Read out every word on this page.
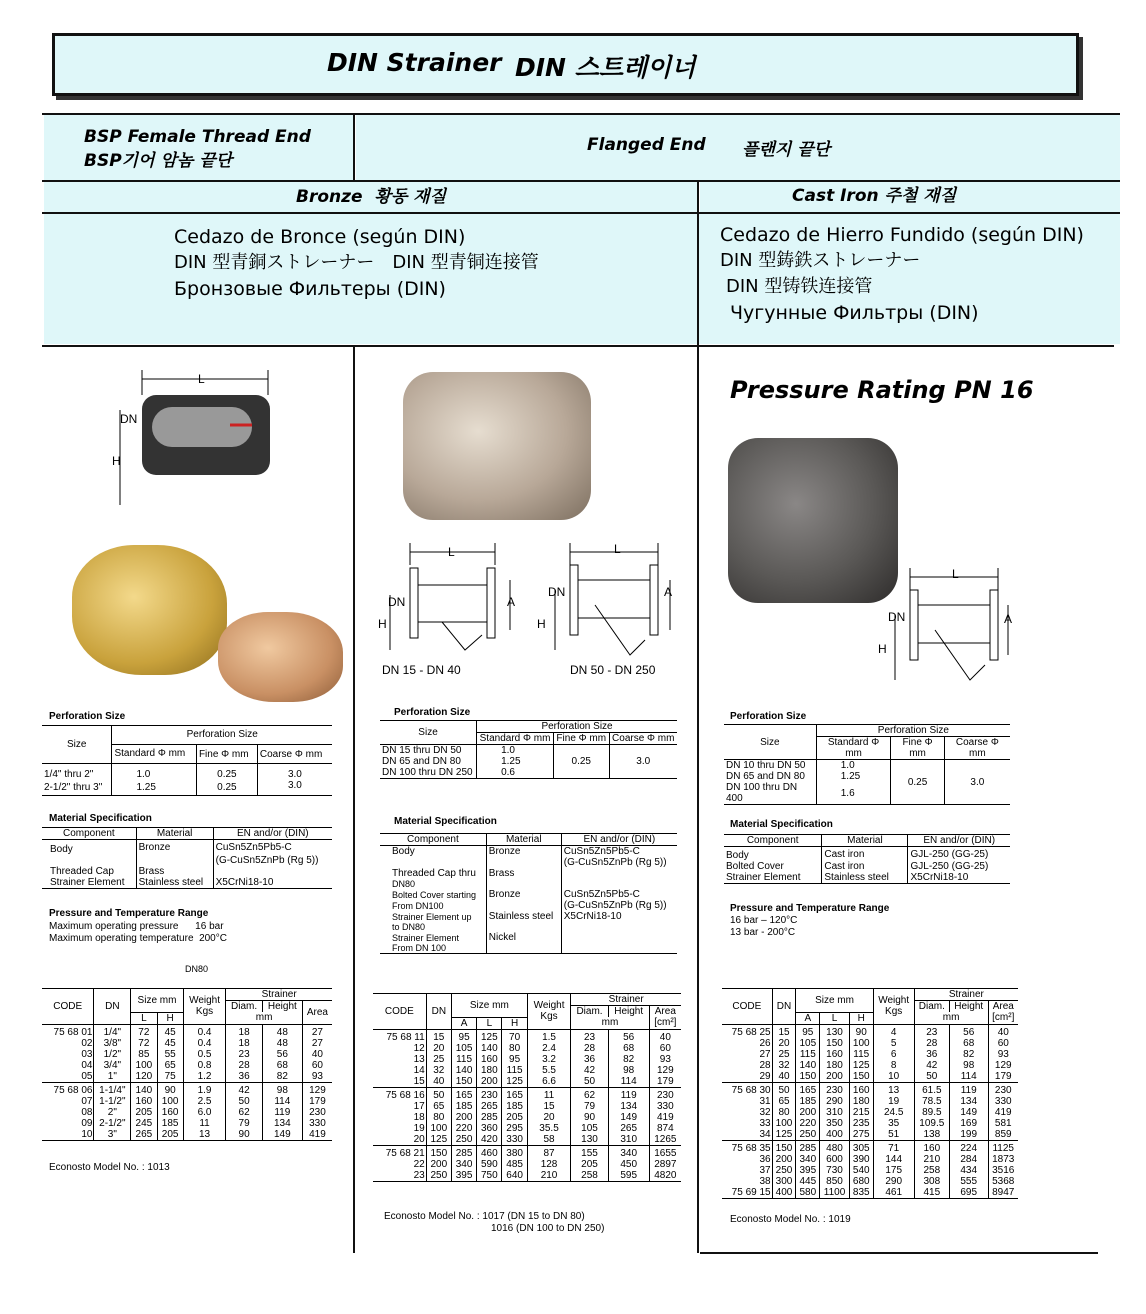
DIN Strainer DIN 스트레이너
BSP Female Thread End
BSP기어 암놈 끝단
Flanged End 플랜지 끝단
Bronze 황동 재질	Cast Iron 주철 재질
Cedazo de Bronce (según DIN)
DIN 型青銅ストレーナー　DIN 型青铜连接管
Бронзовые Фильтеры (DIN)
Cedazo de Hierro Fundido (según DIN)
DIN 型鋳鉄ストレーナー
DIN 型铸铁连接管
Чугунные Фильтры (DIN)
L
DN
H
L
DN
H
A
L
DN
H
A
DN 15 - DN 40	DN 50 - DN 250
Pressure Rating PN 16
L
DN
H
A
Perforation Size
Size	Perforation Size		
	Standard Φ mm	Fine Φ mm	Coarse Φ mm
1/4" thru 2"	1.0	0.25	3.0
2-1/2" thru 3"	1.25	0.25	3.0
Material Specification
Component	Material	EN and/or (DIN)
Body	Bronze	CuSn5Zn5Pb5-C
		(G-CuSn5ZnPb (Rg 5))
Threaded Cap	Brass	
Strainer Element	Stainless steel	X5CrNi18-10
Pressure and Temperature Range
Maximum operating pressure      16 bar
Maximum operating temperature  200°C
DN80
CODE	DN	Size mm		Weight
Kgs	Strainer		
					Diam.	Height	Area
		L	H		mm		
75 68 01	1/4"	72	45	0.4	18	48	27
02	3/8"	72	45	0.4	18	48	27
03	1/2"	85	55	0.5	23	56	40
04	3/4"	100	65	0.8	28	68	60
05	1"	120	75	1.2	36	82	93
75 68 06	1-1/4"	140	90	1.9	42	98	129
07	1-1/2"	160	100	2.5	50	114	179
08	2"	205	160	6.0	62	119	230
09	2-1/2"	245	185	11	79	134	330
10	3"	265	205	13	90	149	419
Econosto Model No. : 1013
Perforation Size
Size	Perforation Size		
	Standard Φ mm	Fine Φ mm	Coarse Φ mm
DN 15 thru DN 50	1.0	0.25	3.0
DN 65 and DN 80	1.25		
DN 100 thru DN 250	0.6		
Material Specification
Component	Material	EN and/or (DIN)
Body	Bronze	CuSn5Zn5Pb5-C
		(G-CuSn5ZnPb (Rg 5))
Threaded Cap thru	Brass	
DN80		
Bolted Cover starting	Bronze	CuSn5Zn5Pb5-C
From DN100		(G-CuSn5ZnPb (Rg 5))
Strainer Element up	Stainless steel	X5CrNi18-10
to DN80		
Strainer Element	Nickel	
From DN 100		
CODE	DN	Size mm			Weight
Kgs	Strainer		
						Diam.	Height	Area
[cm²]

		A	L	H		mm		
75 68 11	15	95	125	70	1.5	23	56	40
12	20	105	140	80	2.4	28	68	60
13	25	115	160	95	3.2	36	82	93
14	32	140	180	115	5.5	42	98	129
15	40	150	200	125	6.6	50	114	179
75 68 16	50	165	230	165	11	62	119	230
17	65	185	265	185	15	79	134	330
18	80	200	285	205	20	90	149	419
19	100	220	360	295	35.5	105	265	874
20	125	250	420	330	58	130	310	1265
75 68 21	150	285	460	380	87	155	340	1655
22	200	340	590	485	128	205	450	2897
23	250	395	750	640	210	258	595	4820
Econosto Model No. : 1017 (DN 15 to DN 80)
1016 (DN 100 to DN 250)
Perforation Size
Size	Perforation Size		
	Standard Φ mm	Fine Φ mm	Coarse Φ mm
DN 10 thru DN 50	1.0	0.25	3.0
DN 65 and DN 80	1.25		
DN 100 thru DN 400	1.6		
Material Specification
Component	Material	EN and/or (DIN)
Body	Cast iron	GJL-250 (GG-25)
Bolted Cover	Cast iron	GJL-250 (GG-25)
Strainer Element	Stainless steel	X5CrNi18-10
Pressure and Temperature Range
16 bar – 120°C
13 bar - 200°C
CODE	DN	Size mm			Weight
Kgs	Strainer		
						Diam.	Height	Area
[cm²]

		A	L	H		mm		
75 68 25	15	95	130	90	4	23	56	40
26	20	105	150	100	5	28	68	60
27	25	115	160	115	6	36	82	93
28	32	140	180	125	8	42	98	129
29	40	150	200	150	10	50	114	179
75 68 30	50	165	230	160	13	61.5	119	230
31	65	185	290	180	19	78.5	134	330
32	80	200	310	215	24.5	89.5	149	419
33	100	220	350	235	35	109.5	169	581
34	125	250	400	275	51	138	199	859
75 68 35	150	285	480	305	71	160	224	1125
36	200	340	600	390	144	210	284	1873
37	250	395	730	540	175	258	434	3516
38	300	445	850	680	290	308	555	5368
75 69 15	400	580	1100	835	461	415	695	8947
Econosto Model No. : 1019
